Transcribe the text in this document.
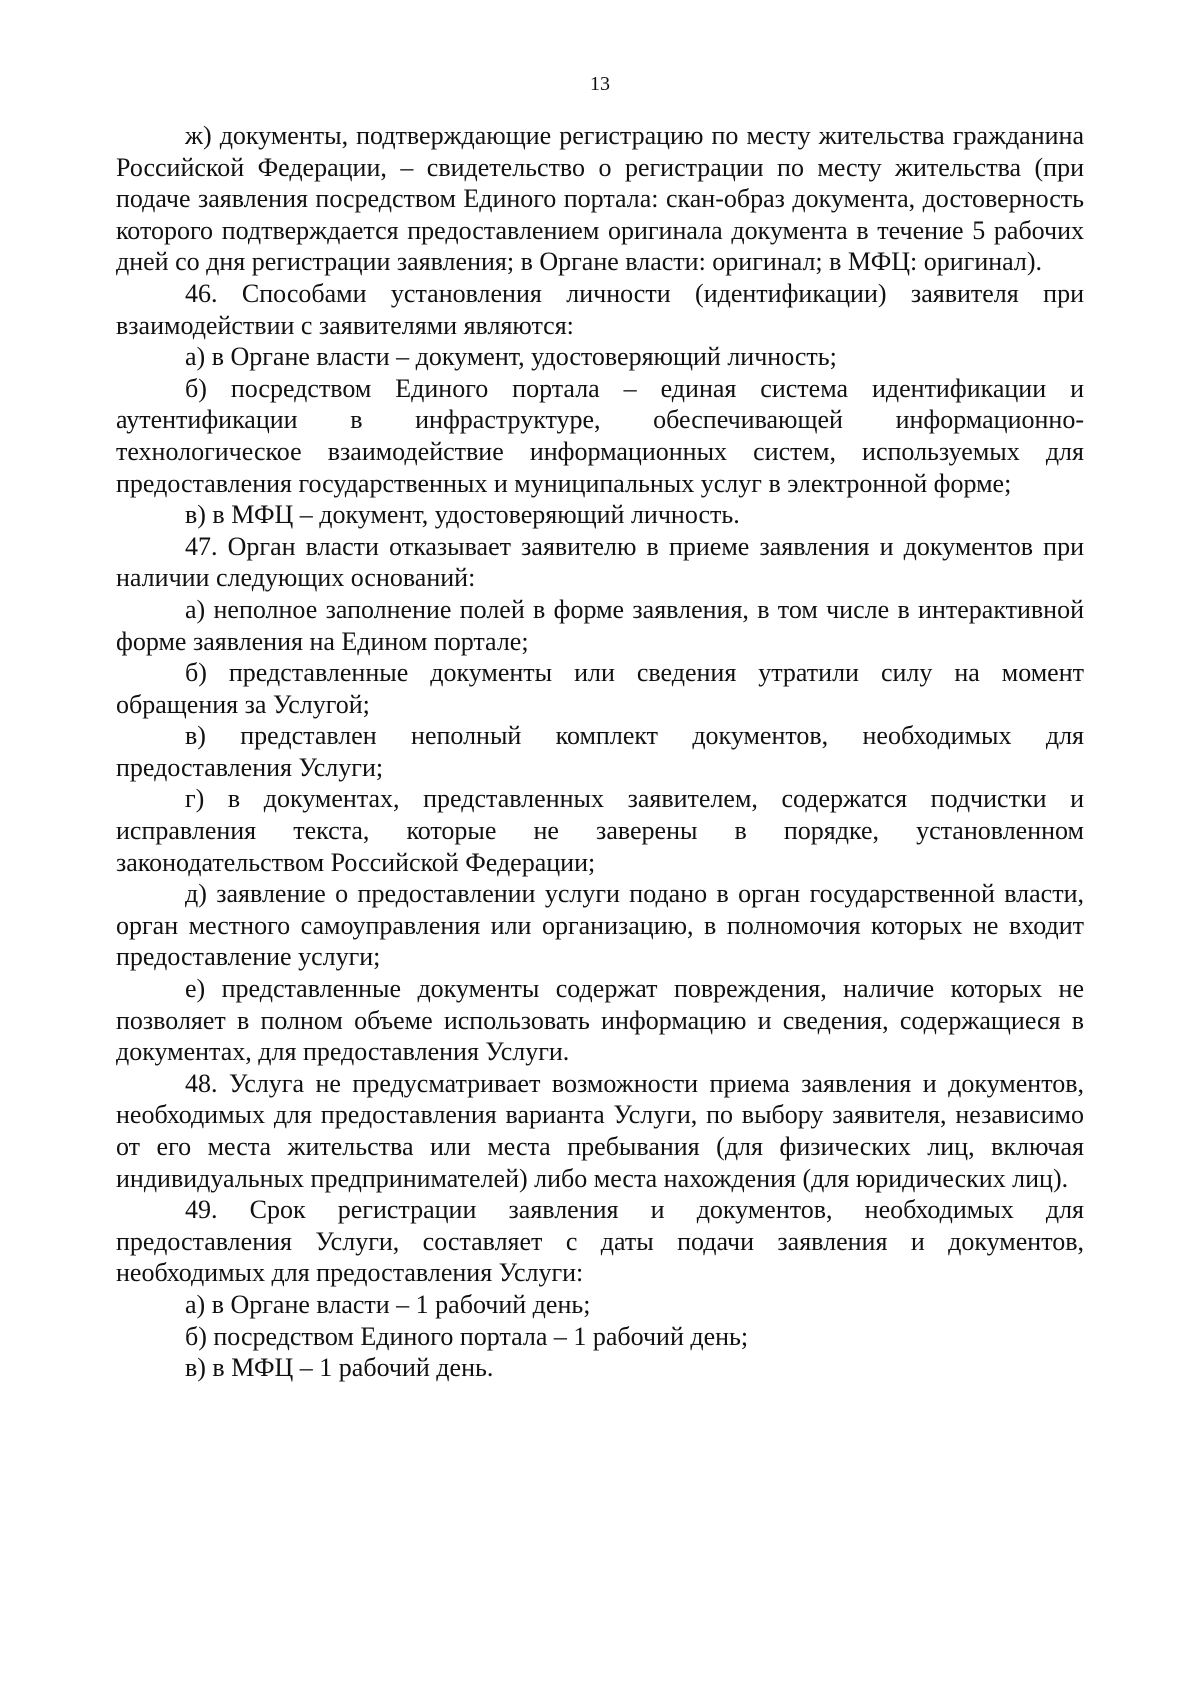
13

ж) документы, подтверждающие регистрацию по месту жительства гражданина Российской Федерации, – свидетельство о регистрации по месту жительства (при подаче заявления посредством Единого портала: скан-образ документа, достоверность которого подтверждается предоставлением оригинала документа в течение 5 рабочих дней со дня регистрации заявления; в Органе власти: оригинал; в МФЦ: оригинал).

46. Способами установления личности (идентификации) заявителя при взаимодействии с заявителями являются:

а) в Органе власти – документ, удостоверяющий личность;

б) посредством Единого портала – единая система идентификации и аутентификации в инфраструктуре, обеспечивающей информационно-технологическое взаимодействие информационных систем, используемых для предоставления государственных и муниципальных услуг в электронной форме;

в) в МФЦ – документ, удостоверяющий личность.

47. Орган власти отказывает заявителю в приеме заявления и документов при наличии следующих оснований:

а) неполное заполнение полей в форме заявления, в том числе в интерактивной форме заявления на Едином портале;

б) представленные документы или сведения утратили силу на момент обращения за Услугой;

в) представлен неполный комплект документов, необходимых для предоставления Услуги;

г) в документах, представленных заявителем, содержатся подчистки и исправления текста, которые не заверены в порядке, установленном законодательством Российской Федерации;

д) заявление о предоставлении услуги подано в орган государственной власти, орган местного самоуправления или организацию, в полномочия которых не входит предоставление услуги;

е) представленные документы содержат повреждения, наличие которых не позволяет в полном объеме использовать информацию и сведения, содержащиеся в документах, для предоставления Услуги.

48. Услуга не предусматривает возможности приема заявления и документов, необходимых для предоставления варианта Услуги, по выбору заявителя, независимо от его места жительства или места пребывания (для физических лиц, включая индивидуальных предпринимателей) либо места нахождения (для юридических лиц).

49. Срок регистрации заявления и документов, необходимых для предоставления Услуги, составляет с даты подачи заявления и документов, необходимых для предоставления Услуги:

а) в Органе власти – 1 рабочий день;

б) посредством Единого портала – 1 рабочий день;

в) в МФЦ – 1 рабочий день.
